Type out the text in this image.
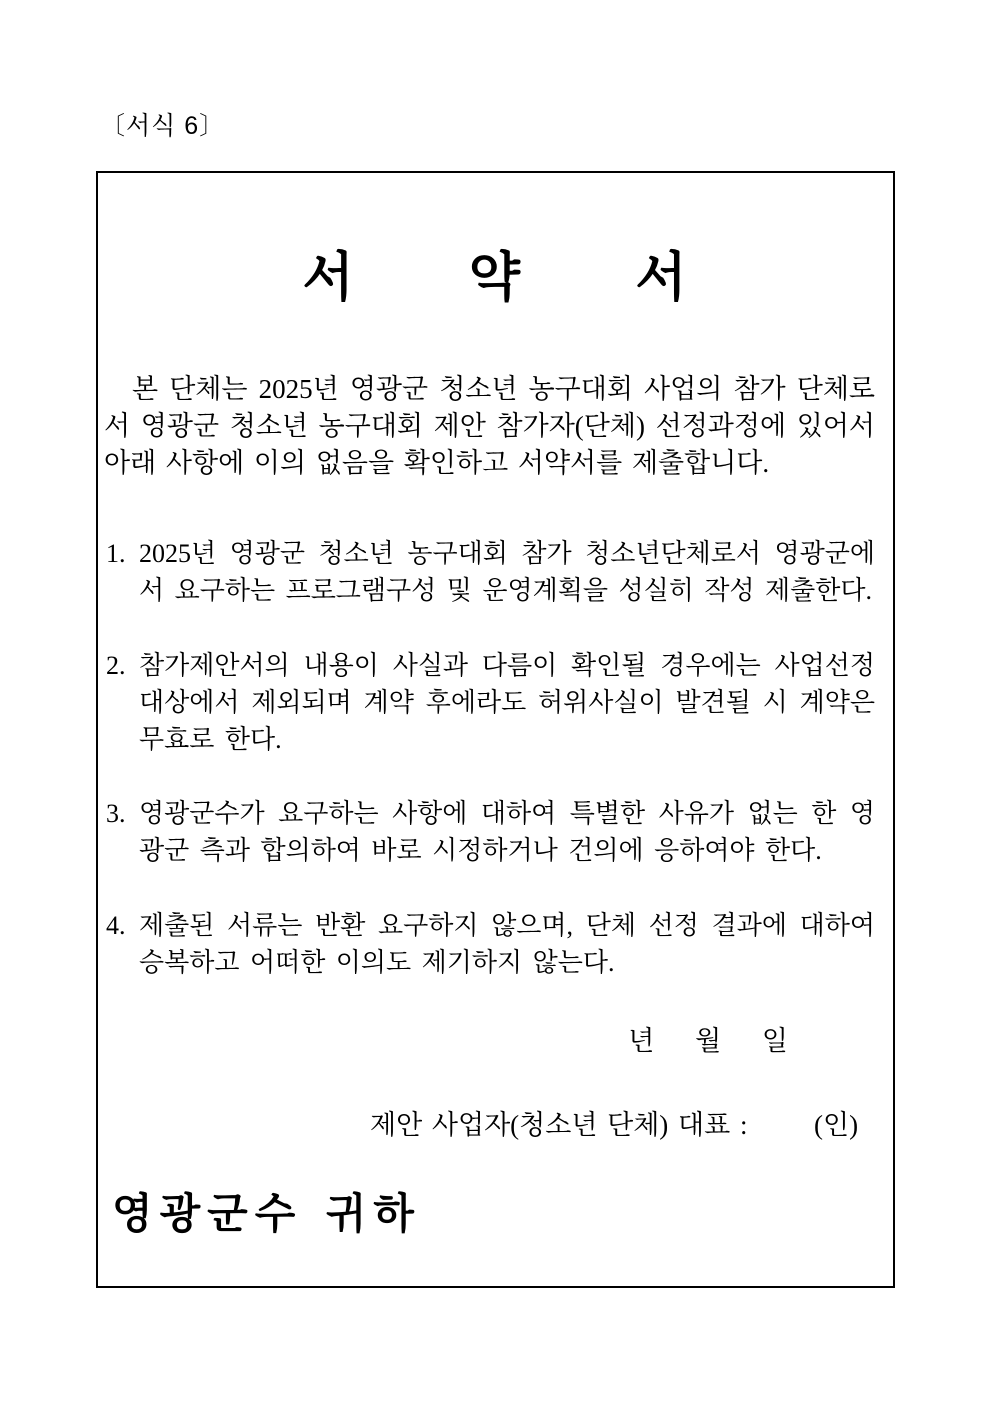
〔서식 6〕
서 약 서
본 단체는 2025년 영광군 청소년 농구대회 사업의 참가 단체로서 영광군 청소년 농구대회 제안 참가자(단체) 선정과정에 있어서 아래 사항에 이의 없음을 확인하고 서약서를 제출합니다.
1. 2025년 영광군 청소년 농구대회 참가 청소년단체로서 영광군에서 요구하는 프로그램구성 및 운영계획을 성실히 작성 제출한다.
2. 참가제안서의 내용이 사실과 다름이 확인될 경우에는 사업선정 대상에서 제외되며 계약 후에라도 허위사실이 발견될 시 계약은 무효로 한다.
3. 영광군수가 요구하는 사항에 대하여 특별한 사유가 없는 한 영광군 측과 합의하여 바로 시정하거나 건의에 응하여야 한다.
4. 제출된 서류는 반환 요구하지 않으며, 단체 선정 결과에 대하여 승복하고 어떠한 이의도 제기하지 않는다.
년 월 일
제안 사업자(청소년 단체) 대표 : (인)
영광군수 귀하
